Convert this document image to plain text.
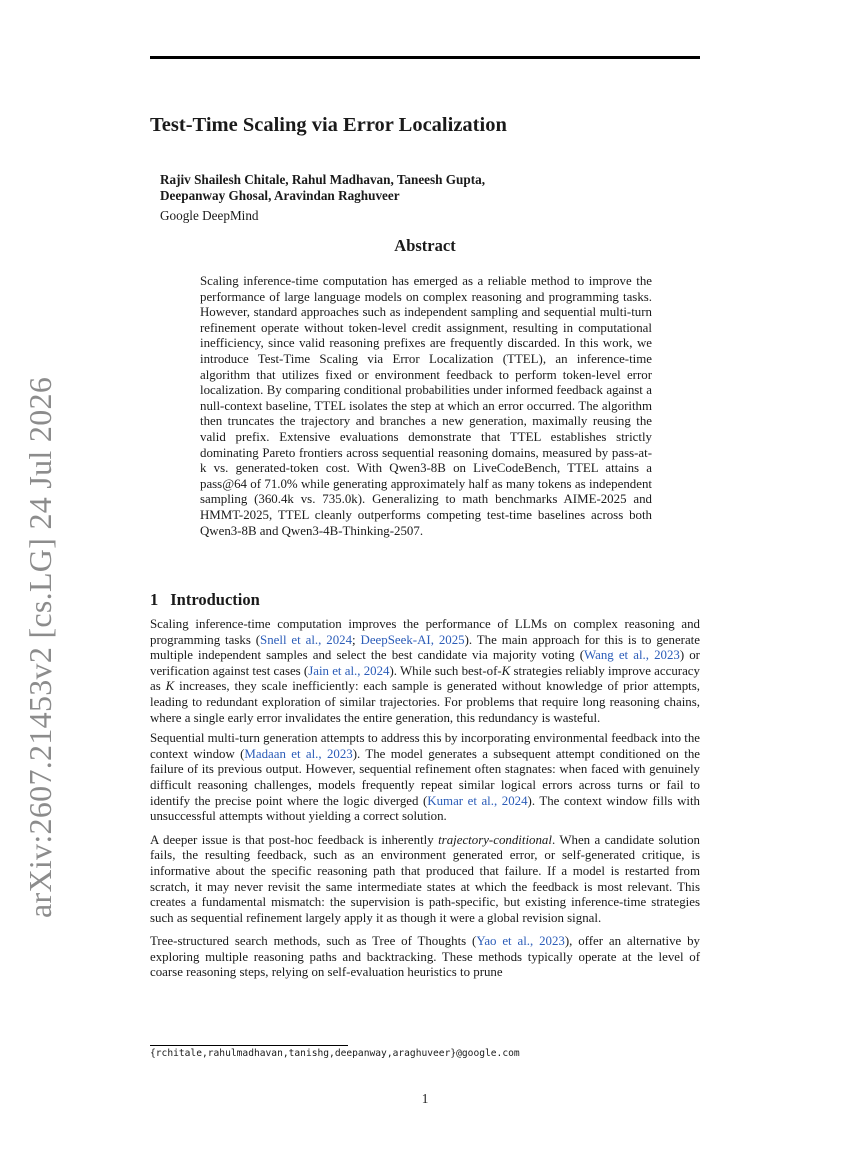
arXiv:2607.21453v2 [cs.LG] 24 Jul 2026
Test-Time Scaling via Error Localization
Rajiv Shailesh Chitale, Rahul Madhavan, Taneesh Gupta,
Deepanway Ghosal, Aravindan Raghuveer
Google DeepMind
Abstract

Scaling inference-time computation has emerged as a reliable method to improve the performance of large language models on complex reasoning and programming tasks. However, standard approaches such as independent sampling and sequential multi-turn refinement operate without token-level credit assignment, resulting in computational inefficiency, since valid reasoning prefixes are frequently discarded. In this work, we introduce Test-Time Scaling via Error Localization (TTEL), an inference-time algorithm that utilizes fixed or environment feedback to perform token-level error localization. By comparing conditional probabilities under informed feedback against a null-context baseline, TTEL isolates the step at which an error occurred. The algorithm then truncates the trajectory and branches a new generation, maximally reusing the valid prefix. Extensive evaluations demonstrate that TTEL establishes strictly dominating Pareto frontiers across sequential reasoning domains, measured by pass-at-k vs. generated-token cost. With Qwen3-8B on LiveCodeBench, TTEL attains a pass@64 of 71.0% while generating approximately half as many tokens as independent sampling (360.4k vs. 735.0k). Generalizing to math benchmarks AIME-2025 and HMMT-2025, TTEL cleanly outperforms competing test-time baselines across both Qwen3-8B and Qwen3-4B-Thinking-2507.

1 Introduction

Scaling inference-time computation improves the performance of LLMs on complex reasoning and programming tasks (Snell et al., 2024; DeepSeek-AI, 2025). The main approach for this is to generate multiple independent samples and select the best candidate via majority voting (Wang et al., 2023) or verification against test cases (Jain et al., 2024). While such best-of-K strategies reliably improve accuracy as K increases, they scale inefficiently: each sample is generated without knowledge of prior attempts, leading to redundant exploration of similar trajectories. For problems that require long reasoning chains, where a single early error invalidates the entire generation, this redundancy is wasteful.

Sequential multi-turn generation attempts to address this by incorporating environmental feedback into the context window (Madaan et al., 2023). The model generates a subsequent attempt conditioned on the failure of its previous output. However, sequential refinement often stagnates: when faced with genuinely difficult reasoning challenges, models frequently repeat similar logical errors across turns or fail to identify the precise point where the logic diverged (Kumar et al., 2024). The context window fills with unsuccessful attempts without yielding a correct solution.

A deeper issue is that post-hoc feedback is inherently trajectory-conditional. When a candidate solution fails, the resulting feedback, such as an environment generated error, or self-generated critique, is informative about the specific reasoning path that produced that failure. If a model is restarted from scratch, it may never revisit the same intermediate states at which the feedback is most relevant. This creates a fundamental mismatch: the supervision is path-specific, but existing inference-time strategies such as sequential refinement largely apply it as though it were a global revision signal.

Tree-structured search methods, such as Tree of Thoughts (Yao et al., 2023), offer an alternative by exploring multiple reasoning paths and backtracking. These methods typically operate at the level of coarse reasoning steps, relying on self-evaluation heuristics to prune

{rchitale,rahulmadhavan,tanishg,deepanway,araghuveer}@google.com
1
